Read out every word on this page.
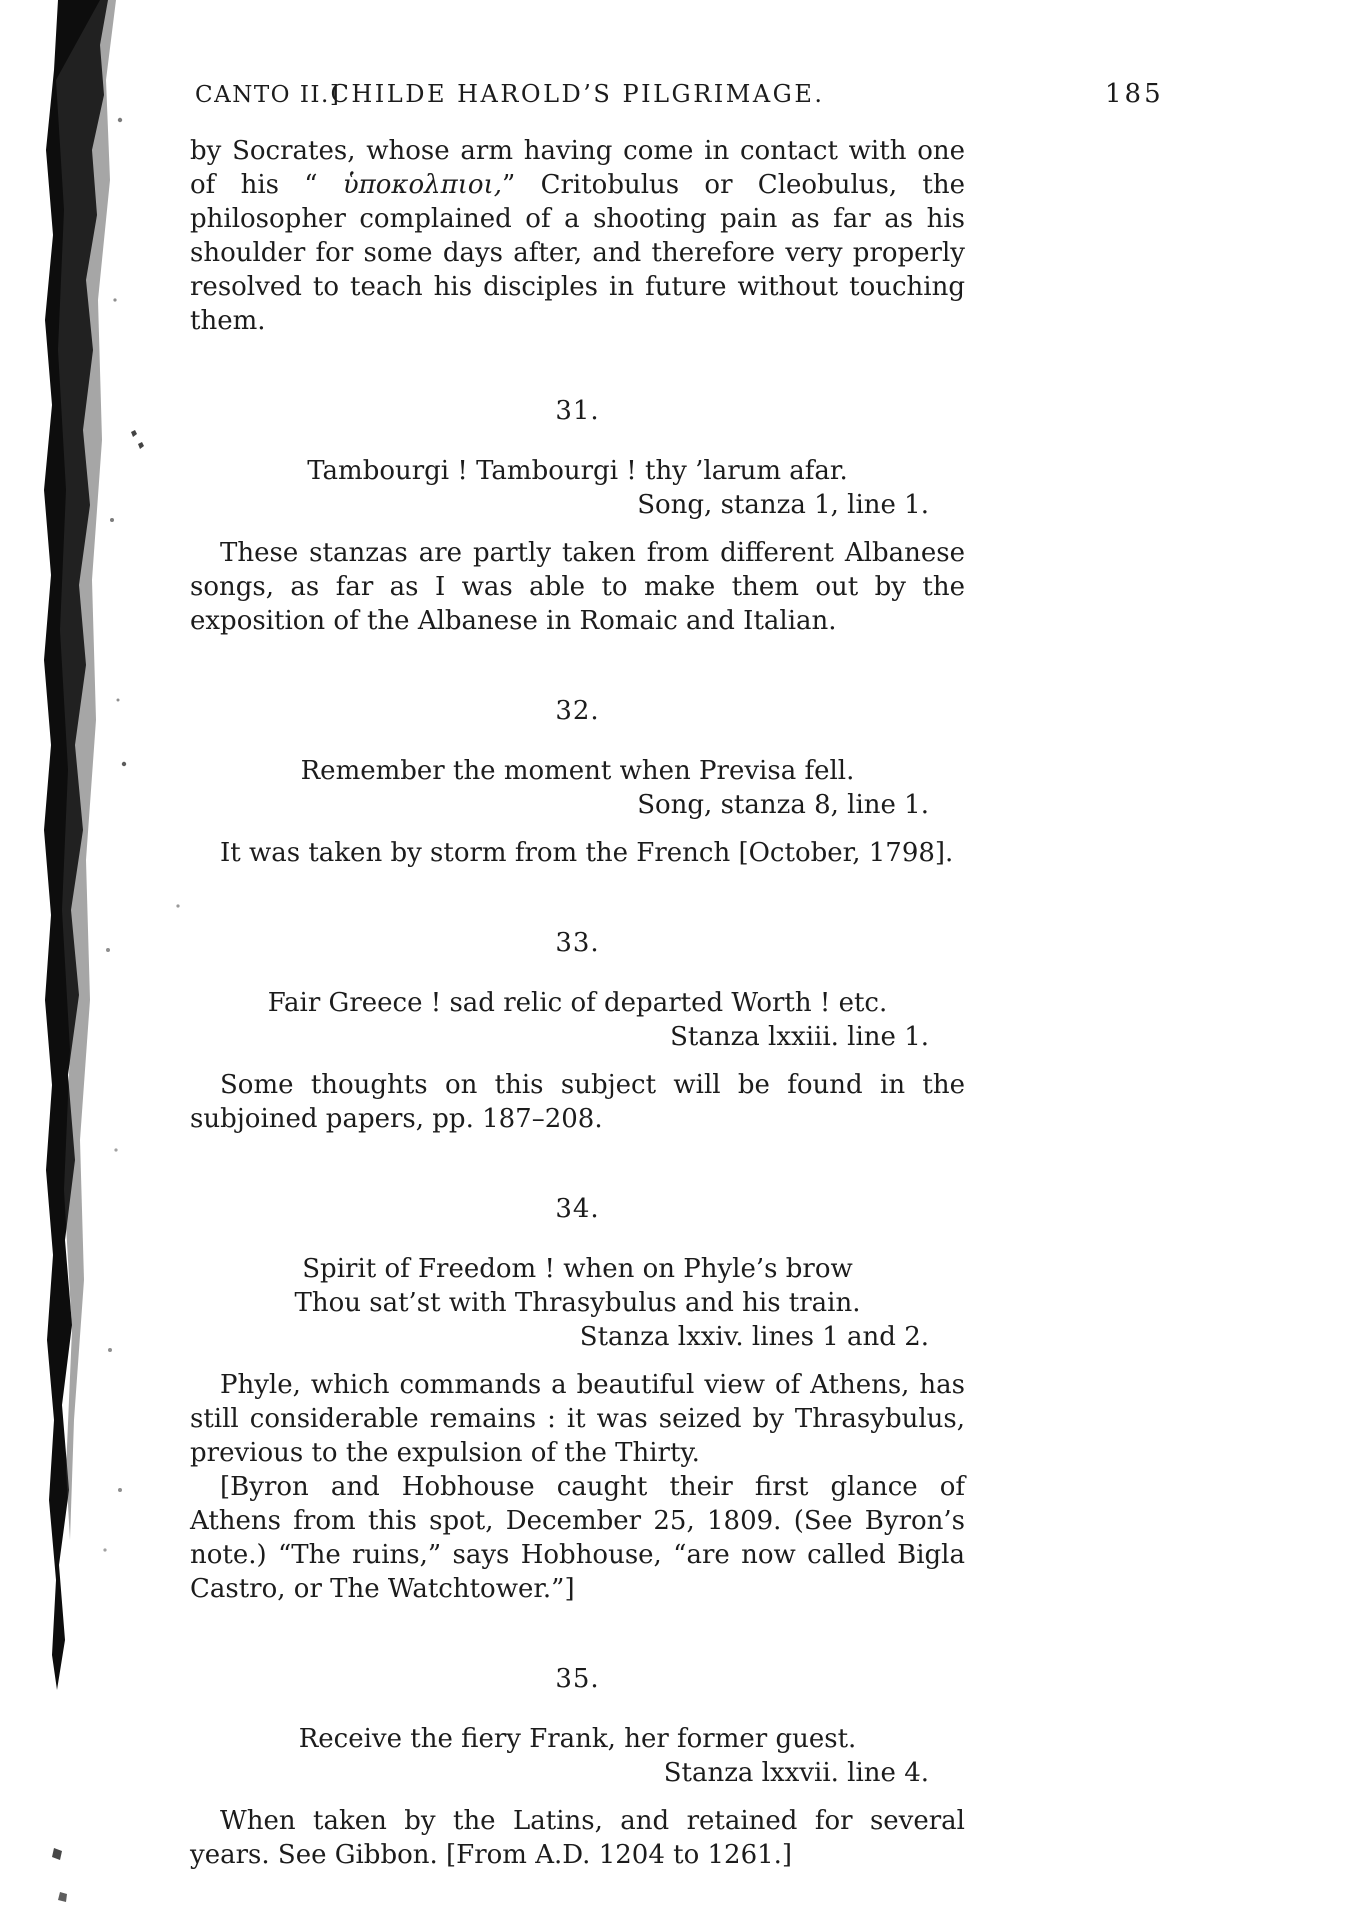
CANTO II.]
CHILDE HAROLD’S PILGRIMAGE.	185

by Socrates, whose arm having come in contact with one of his “ ὑποκολπιοι,” Critobulus or Cleobulus, the philosopher complained of a shooting pain as far as his shoulder for some days after, and therefore very properly resolved to teach his disciples in future without touching them.

31.
Tambourgi ! Tambourgi ! thy ’larum afar.
Song, stanza 1, line 1.

These stanzas are partly taken from different Albanese songs, as far as I was able to make them out by the exposition of the Albanese in Romaic and Italian.

32.
Remember the moment when Previsa fell.
Song, stanza 8, line 1.

It was taken by storm from the French [October, 1798].

33.
Fair Greece ! sad relic of departed Worth ! etc.
Stanza lxxiii. line 1.

Some thoughts on this subject will be found in the subjoined papers, pp. 187–208.

34.
Spirit of Freedom ! when on Phyle’s brow
Thou sat’st with Thrasybulus and his train.
Stanza lxxiv. lines 1 and 2.

Phyle, which commands a beautiful view of Athens, has still considerable remains : it was seized by Thrasybulus, previous to the expulsion of the Thirty.

[Byron and Hobhouse caught their first glance of Athens from this spot, December 25, 1809. (See Byron’s note.) “The ruins,” says Hobhouse, “are now called Bigla Castro, or The Watchtower.”]

35.
Receive the fiery Frank, her former guest.
Stanza lxxvii. line 4.

When taken by the Latins, and retained for several years. See Gibbon. [From A.D. 1204 to 1261.]
